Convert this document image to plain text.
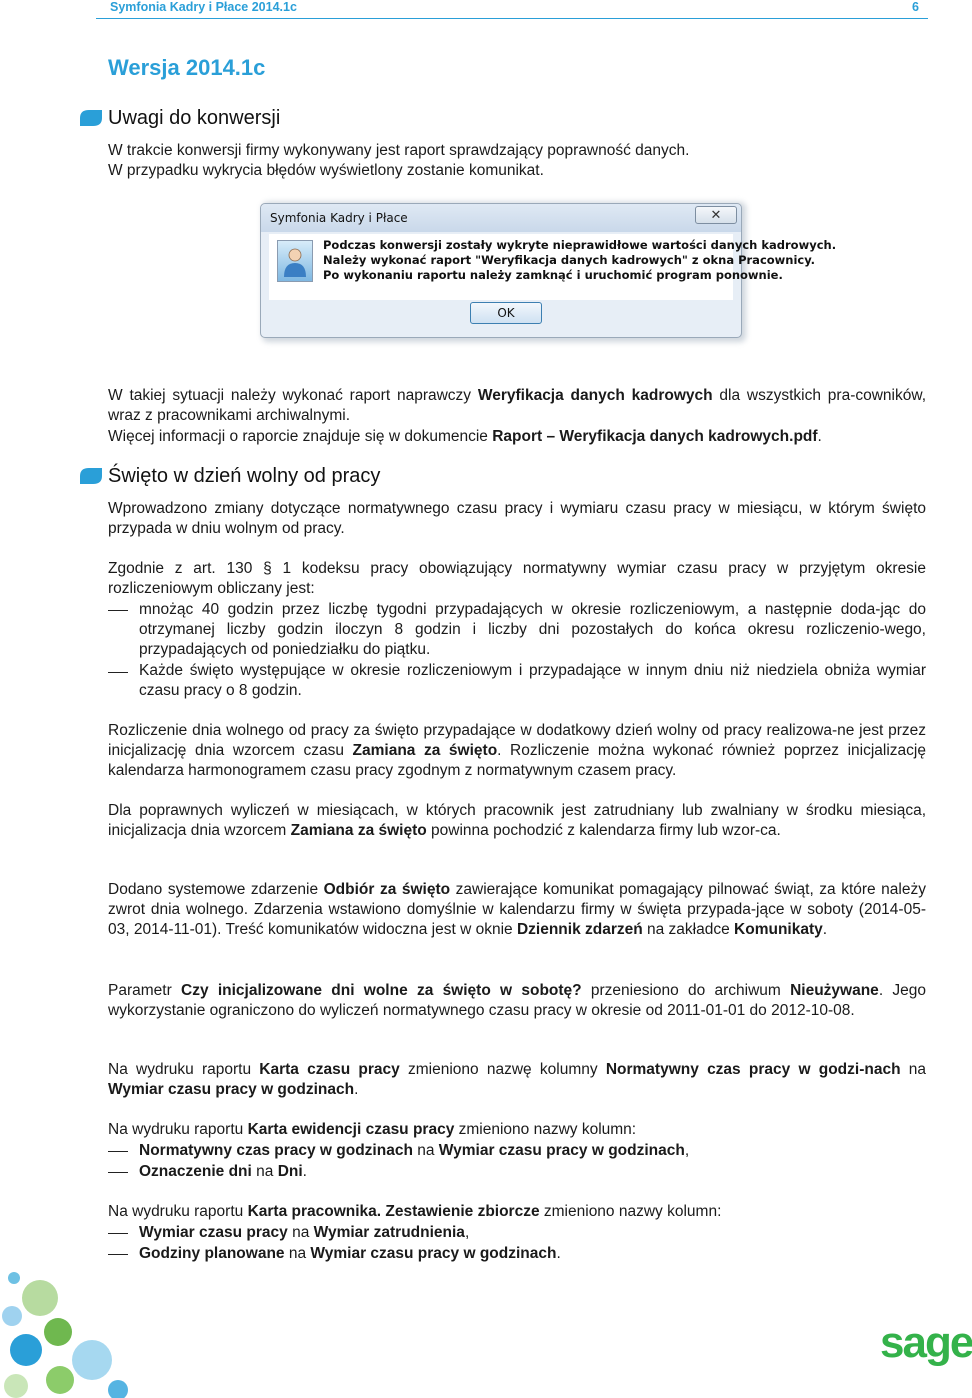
Symfonia Kadry i Płace 2014.1c	6
Wersja 2014.1c
Uwagi do konwersji
W trakcie konwersji firmy wykonywany jest raport sprawdzający poprawność danych.
W przypadku wykrycia błędów wyświetlony zostanie komunikat.
Symfonia Kadry i Płace	✕
Podczas konwersji zostały wykryte nieprawidłowe wartości danych kadrowych.
Należy wykonać raport "Weryfikacja danych kadrowych" z okna Pracownicy.
Po wykonaniu raportu należy zamknąć i uruchomić program ponownie.
OK
W takiej sytuacji należy wykonać raport naprawczy Weryfikacja danych kadrowych dla wszystkich pra-cowników, wraz z pracownikami archiwalnymi.
Więcej informacji o raporcie znajduje się w dokumencie Raport – Weryfikacja danych kadrowych.pdf.
Święto w dzień wolny od pracy
Wprowadzono zmiany dotyczące normatywnego czasu pracy i wymiaru czasu pracy w miesiącu, w którym święto przypada w dniu wolnym od pracy.
Zgodnie z art. 130 § 1 kodeksu pracy obowiązujący normatywny wymiar czasu pracy w przyjętym okresie rozliczeniowym obliczany jest:
mnożąc 40 godzin przez liczbę tygodni przypadających w okresie rozliczeniowym, a następnie doda-jąc do otrzymanej liczby godzin iloczyn 8 godzin i liczby dni pozostałych do końca okresu rozliczenio-wego, przypadających od poniedziałku do piątku.
Każde święto występujące w okresie rozliczeniowym i przypadające w innym dniu niż niedziela obniża wymiar czasu pracy o 8 godzin.
Rozliczenie dnia wolnego od pracy za święto przypadające w dodatkowy dzień wolny od pracy realizowa-ne jest przez inicjalizację dnia wzorcem czasu Zamiana za święto. Rozliczenie można wykonać również poprzez inicjalizację kalendarza harmonogramem czasu pracy zgodnym z normatywnym czasem pracy.
Dla poprawnych wyliczeń w miesiącach, w których pracownik jest zatrudniany lub zwalniany w środku miesiąca, inicjalizacja dnia wzorcem Zamiana za święto powinna pochodzić z kalendarza firmy lub wzor-ca.
Dodano systemowe zdarzenie Odbiór za święto zawierające komunikat pomagający pilnować świąt, za które należy zwrot dnia wolnego. Zdarzenia wstawiono domyślnie w kalendarzu firmy w święta przypada-jące w soboty (2014-05-03, 2014-11-01). Treść komunikatów widoczna jest w oknie Dziennik zdarzeń na zakładce Komunikaty.
Parametr Czy inicjalizowane dni wolne za święto w sobotę? przeniesiono do archiwum Nieużywane. Jego wykorzystanie ograniczono do wyliczeń normatywnego czasu pracy w okresie od 2011-01-01 do 2012-10-08.
Na wydruku raportu Karta czasu pracy zmieniono nazwę kolumny Normatywny czas pracy w godzi-nach na Wymiar czasu pracy w godzinach.
Na wydruku raportu Karta ewidencji czasu pracy zmieniono nazwy kolumn:
Normatywny czas pracy w godzinach na Wymiar czasu pracy w godzinach,
Oznaczenie dni na Dni.
Na wydruku raportu Karta pracownika. Zestawienie zbiorcze zmieniono nazwy kolumn:
Wymiar czasu pracy na Wymiar zatrudnienia,
Godziny planowane na Wymiar czasu pracy w godzinach.
sage
